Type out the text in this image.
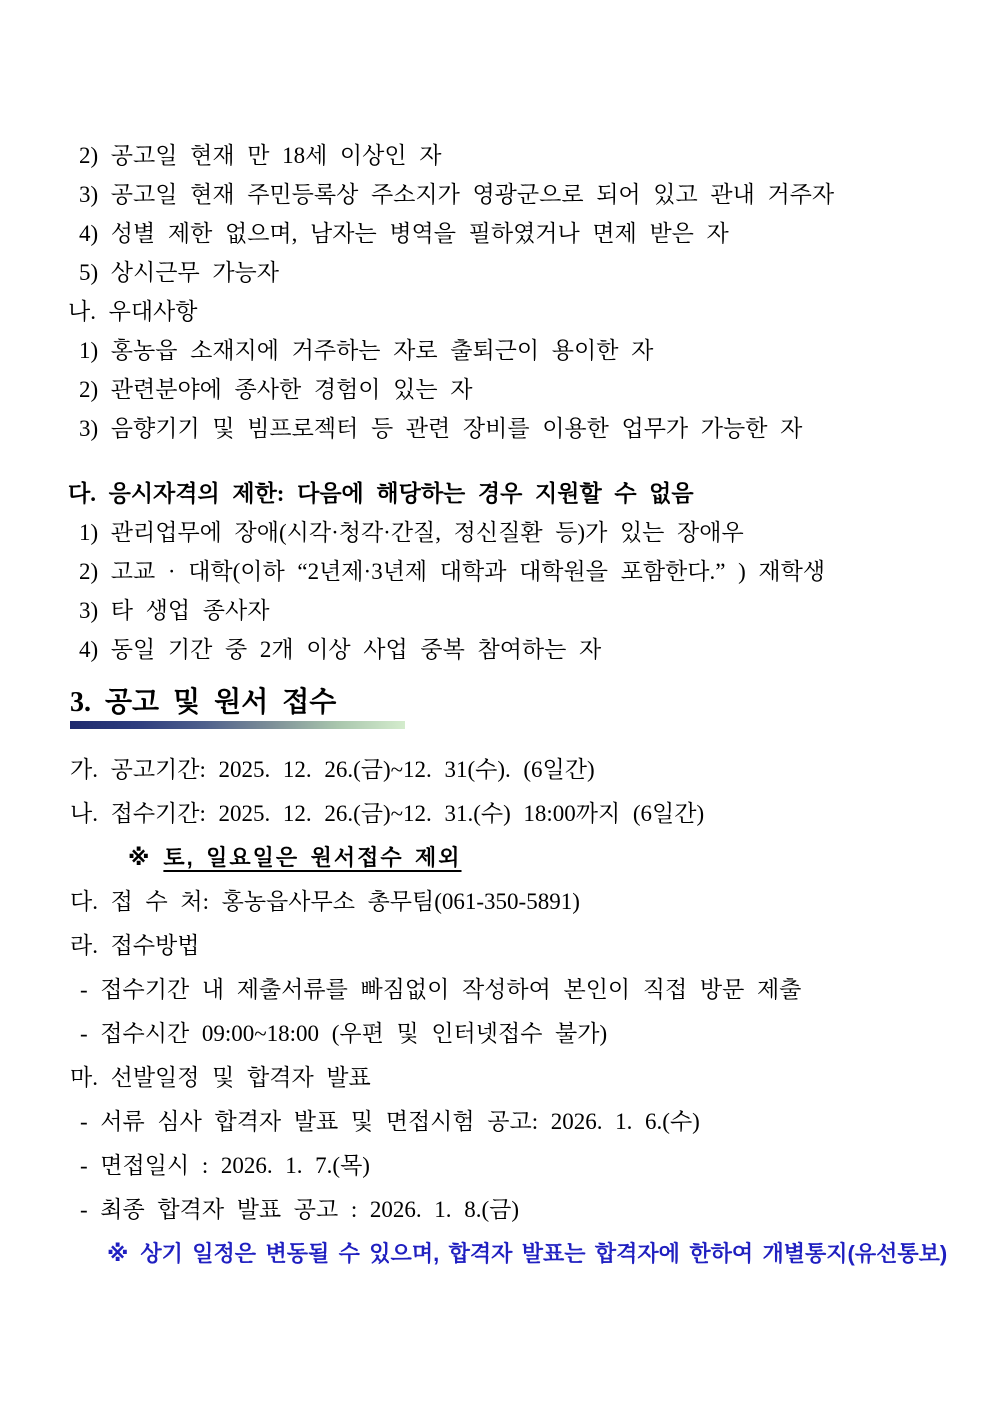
2) 공고일 현재 만 18세 이상인 자

3) 공고일 현재 주민등록상 주소지가 영광군으로 되어 있고 관내 거주자

4) 성별 제한 없으며, 남자는 병역을 필하였거나 면제 받은 자

5) 상시근무 가능자

나. 우대사항

1) 홍농읍 소재지에 거주하는 자로 출퇴근이 용이한 자

2) 관련분야에 종사한 경험이 있는 자

3) 음향기기 및 빔프로젝터 등 관련 장비를 이용한 업무가 가능한 자

다. 응시자격의 제한: 다음에 해당하는 경우 지원할 수 없음

1) 관리업무에 장애(시각·청각·간질, 정신질환 등)가 있는 장애우

2) 고교 · 대학(이하 “2년제·3년제 대학과 대학원을 포함한다.” ) 재학생

3) 타 생업 종사자

4) 동일 기간 중 2개 이상 사업 중복 참여하는 자

3. 공고 및 원서 접수

가. 공고기간: 2025. 12. 26.(금)~12. 31(수). (6일간)

나. 접수기간: 2025. 12. 26.(금)~12. 31.(수) 18:00까지 (6일간)

※ 토, 일요일은 원서접수 제외

다. 접 수 처: 홍농읍사무소 총무팀(061-350-5891)

라. 접수방법

- 접수기간 내 제출서류를 빠짐없이 작성하여 본인이 직접 방문 제출

- 접수시간 09:00~18:00 (우편 및 인터넷접수 불가)

마. 선발일정 및 합격자 발표

- 서류 심사 합격자 발표 및 면접시험 공고: 2026. 1. 6.(수)

- 면접일시 : 2026. 1. 7.(목)

- 최종 합격자 발표 공고 : 2026. 1. 8.(금)

※ 상기 일정은 변동될 수 있으며, 합격자 발표는 합격자에 한하여 개별통지(유선통보)
